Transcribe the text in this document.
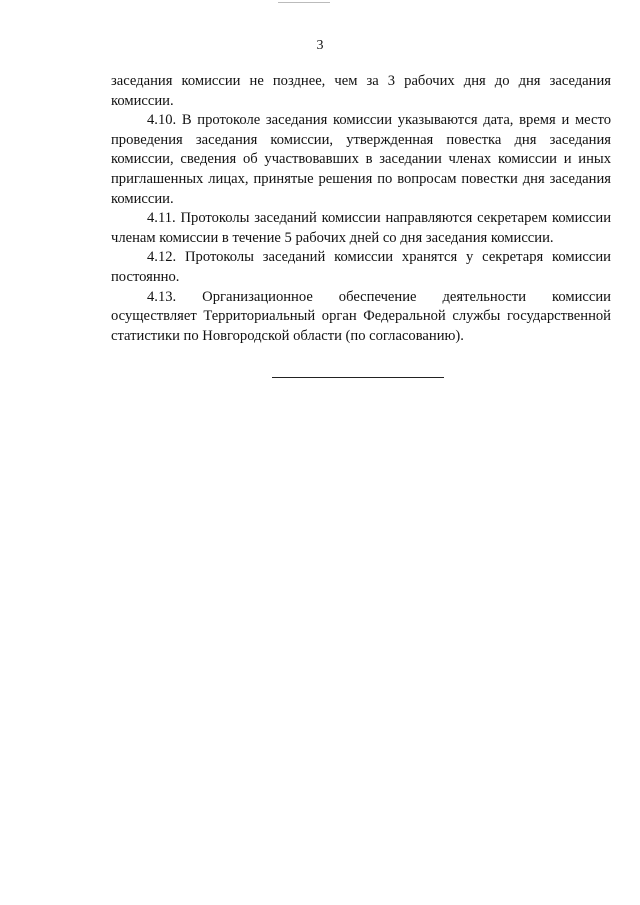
3

заседания комиссии не позднее, чем за 3 рабочих дня до дня заседания комиссии.

4.10. В протоколе заседания комиссии указываются дата, время и место проведения заседания комиссии, утвержденная повестка дня заседания комиссии, сведения об участвовавших в заседании членах комиссии и иных приглашенных лицах, принятые решения по вопросам повестки дня заседания комиссии.

4.11. Протоколы заседаний комиссии направляются секретарем комиссии членам комиссии в течение 5 рабочих дней со дня заседания комиссии.

4.12. Протоколы заседаний комиссии хранятся у секретаря комиссии постоянно.

4.13. Организационное обеспечение деятельности комиссии осуществляет Территориальный орган Федеральной службы государственной статистики по Новгородской области (по согласованию).
